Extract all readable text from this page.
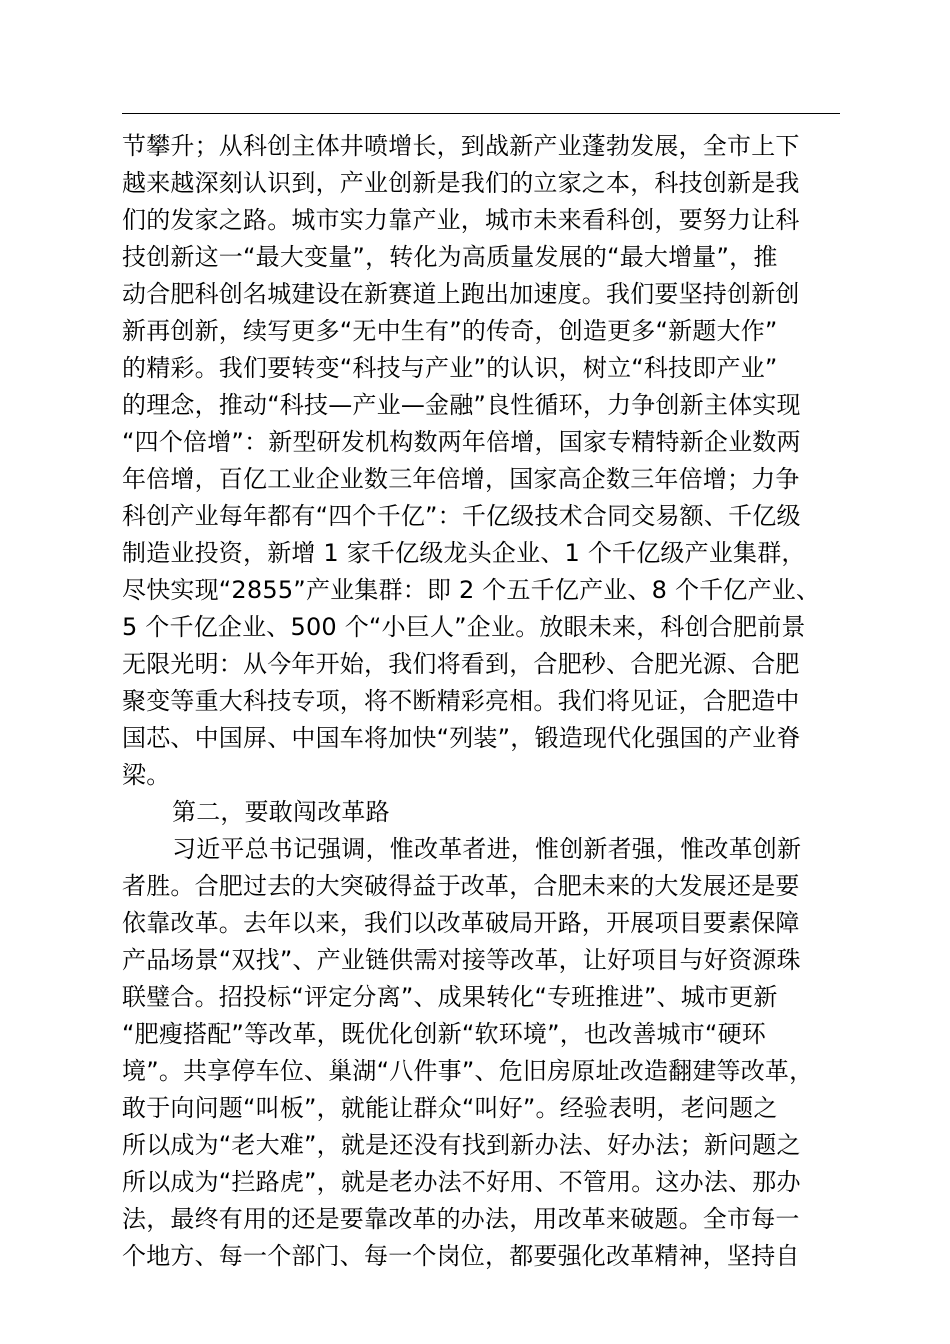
节攀升；从科创主体井喷增长，到战新产业蓬勃发展，全市上下
越来越深刻认识到，产业创新是我们的立家之本，科技创新是我
们的发家之路。城市实力靠产业，城市未来看科创，要努力让科
技创新这一“最大变量”，转化为高质量发展的“最大增量”，推
动合肥科创名城建设在新赛道上跑出加速度。我们要坚持创新创
新再创新，续写更多“无中生有”的传奇，创造更多“新题大作”
的精彩。我们要转变“科技与产业”的认识，树立“科技即产业”
的理念，推动“科技—产业—金融”良性循环，力争创新主体实现
“四个倍增”：新型研发机构数两年倍增，国家专精特新企业数两
年倍增，百亿工业企业数三年倍增，国家高企数三年倍增；力争
科创产业每年都有“四个千亿”：千亿级技术合同交易额、千亿级
制造业投资，新增 1 家千亿级龙头企业、1 个千亿级产业集群，
尽快实现“2855”产业集群：即 2 个五千亿产业、8 个千亿产业、
5 个千亿企业、500 个“小巨人”企业。放眼未来，科创合肥前景
无限光明：从今年开始，我们将看到，合肥秒、合肥光源、合肥
聚变等重大科技专项，将不断精彩亮相。我们将见证，合肥造中
国芯、中国屏、中国车将加快“列装”，锻造现代化强国的产业脊
梁。
第二，要敢闯改革路
习近平总书记强调，惟改革者进，惟创新者强，惟改革创新
者胜。合肥过去的大突破得益于改革，合肥未来的大发展还是要
依靠改革。去年以来，我们以改革破局开路，开展项目要素保障
产品场景“双找”、产业链供需对接等改革，让好项目与好资源珠
联璧合。招投标“评定分离”、成果转化“专班推进”、城市更新
“肥瘦搭配”等改革，既优化创新“软环境”，也改善城市“硬环
境”。共享停车位、巢湖“八件事”、危旧房原址改造翻建等改革，
敢于向问题“叫板”，就能让群众“叫好”。经验表明，老问题之
所以成为“老大难”，就是还没有找到新办法、好办法；新问题之
所以成为“拦路虎”，就是老办法不好用、不管用。这办法、那办
法，最终有用的还是要靠改革的办法，用改革来破题。全市每一
个地方、每一个部门、每一个岗位，都要强化改革精神，坚持自
